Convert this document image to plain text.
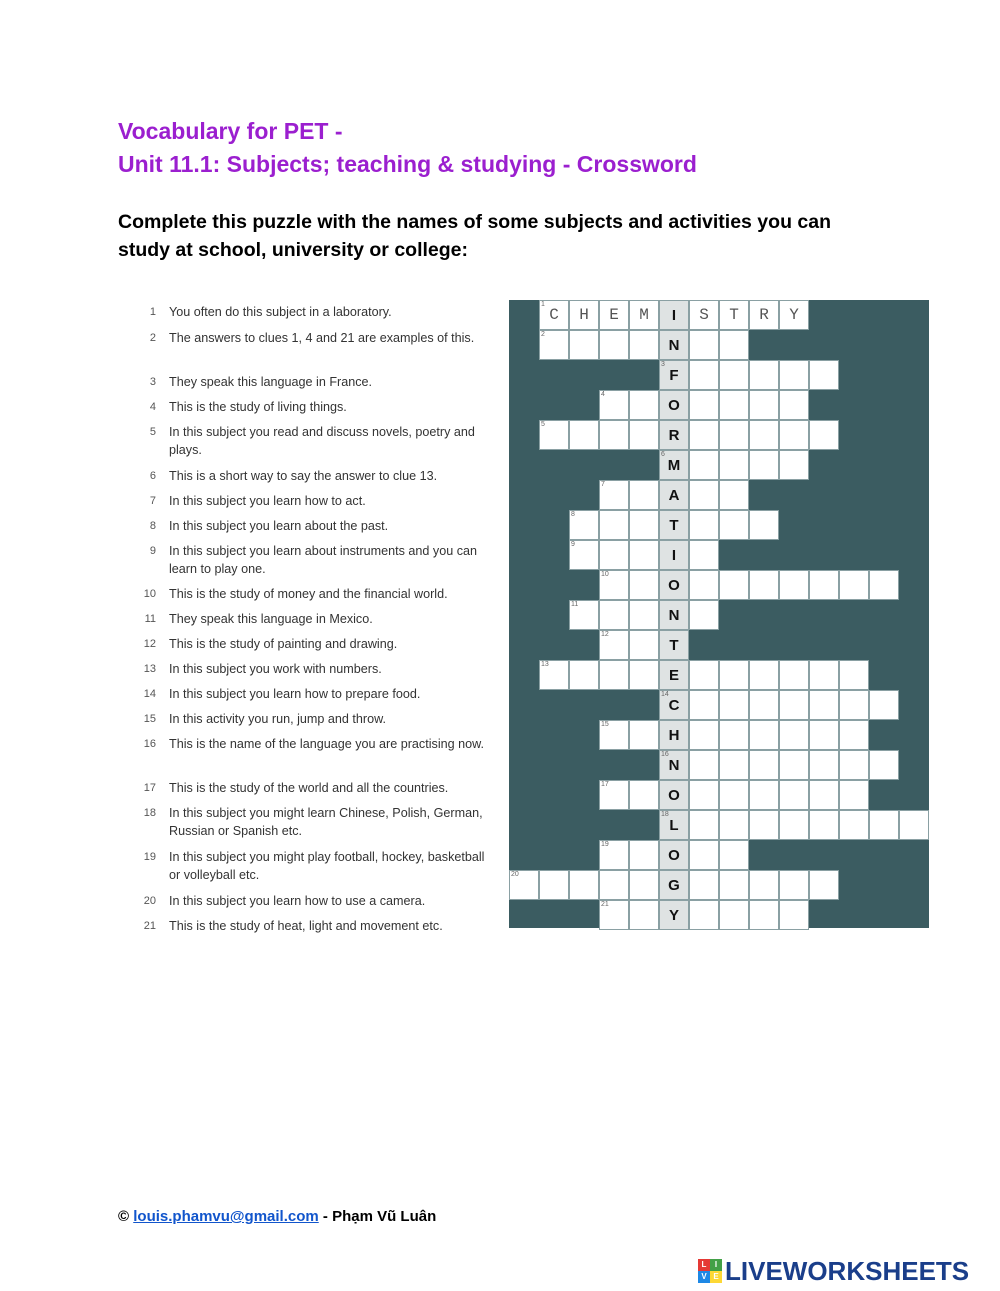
Vocabulary for PET -
Unit 11.1: Subjects; teaching & studying - Crossword

Complete this puzzle with the names of some subjects and activities you can study at school, university or college:

1 You often do this subject in a laboratory.
2 The answers to clues 1, 4 and 21 are examples of this.
3 They speak this language in France.
4 This is the study of living things.
5 In this subject you read and discuss novels, poetry and plays.
6 This is a short way to say the answer to clue 13.
7 In this subject you learn how to act.
8 In this subject you learn about the past.
9 In this subject you learn about instruments and you can learn to play one.
10 This is the study of money and the financial world.
11 They speak this language in Mexico.
12 This is the study of painting and drawing.
13 In this subject you work with numbers.
14 In this subject you learn how to prepare food.
15 In this activity you run, jump and throw.
16 This is the name of the language you are practising now.
17 This is the study of the world and all the countries.
18 In this subject you might learn Chinese, Polish, German, Russian or Spanish etc.
19 In this subject you might play football, hockey, basketball or volleyball etc.
20 In this subject you learn how to use a camera.
21 This is the study of heat, light and movement etc.
1
C	H	E	M	I	S	T	R	Y
2
N
3
F
4
O
5
R
6
M
7
A
8
T
9
I
10
O
11
N
12
T
13
E
14
C
15
H
16
N
17
O
18
L
19
O
20
G
21
Y

© louis.phamvu@gmail.com - Phạm Vũ Luân

L	I
V E LIVEWORKSHEETS
